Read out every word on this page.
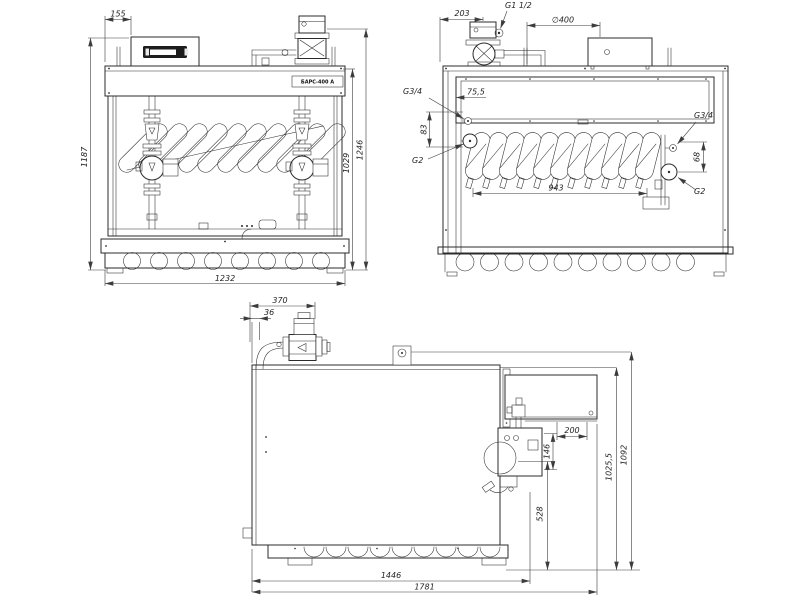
БАРС-400 А
155
1187	1246
1029
1232
203
G1 1/2
∅400
75,5
G3/4
83
G2
943
G3/4
68
G2
370
36
200
146
528
1025,5 1092
1446
1781
